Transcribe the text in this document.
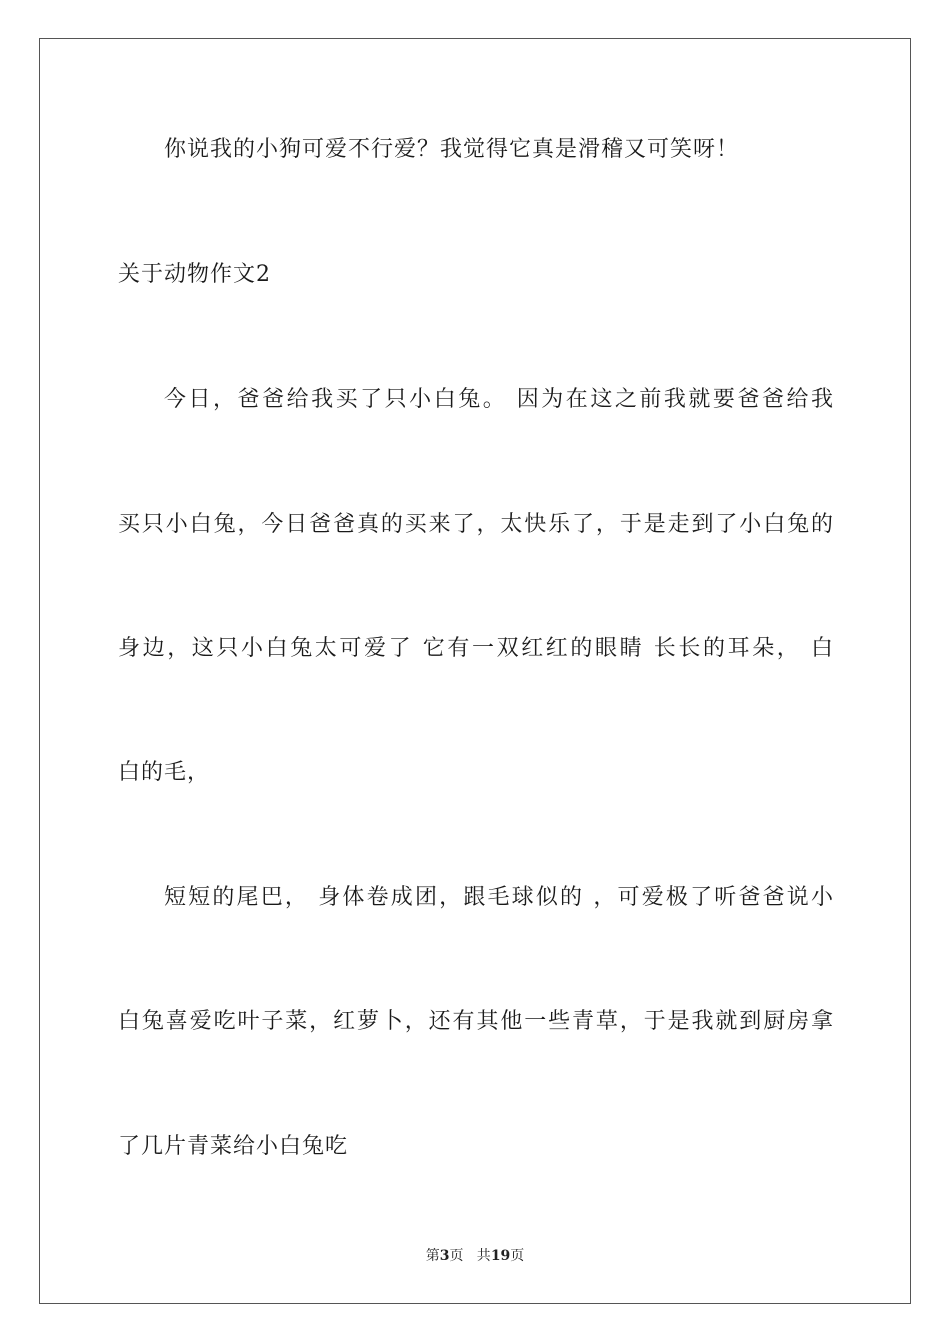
你说我的小狗可爱不行爱？我觉得它真是滑稽又可笑呀！
关于动物作文2
今日，爸爸给我买了只小白兔。 因为在这之前我就要爸爸给我
买只小白兔，今日爸爸真的买来了，太快乐了，于是走到了小白兔的
身边，这只小白兔太可爱了 它有一双红红的眼睛 长长的耳朵， 白
白的毛，
短短的尾巴， 身体卷成团，跟毛球似的 ，可爱极了听爸爸说小
白兔喜爱吃叶子菜，红萝卜，还有其他一些青草，于是我就到厨房拿
了几片青菜给小白兔吃
第3页   共19页
